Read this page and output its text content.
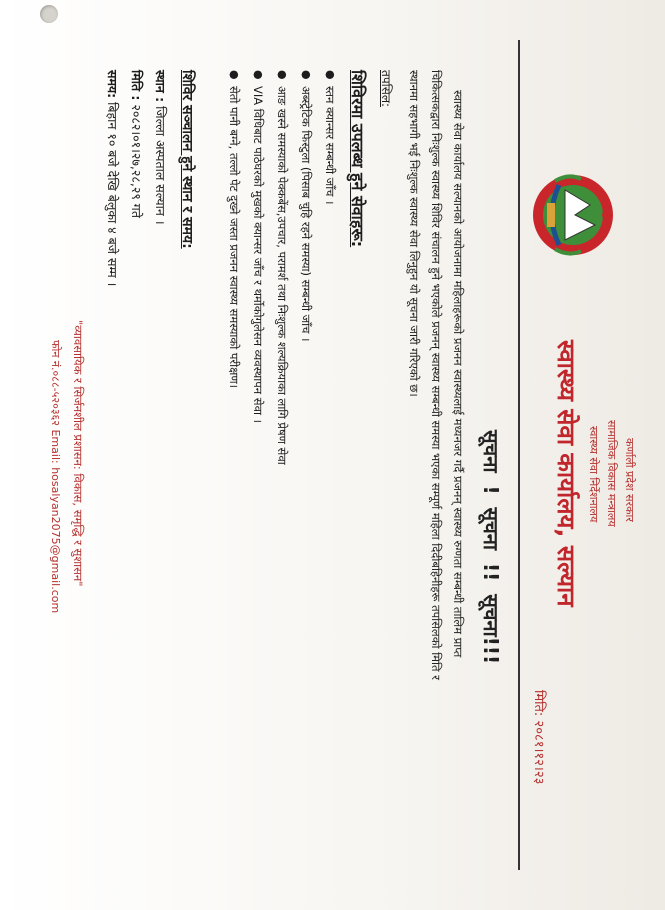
कर्णाली प्रदेश सरकार
सामाजिक विकास मन्त्रालय
स्वास्थ्य सेवा निर्देशनालय
स्वास्थ्य सेवा कार्यालय, सल्यान
मिति: २०८१।१२।२३
सूचना ! सूचना !! सूचना!!!
स्वास्थ्य सेवा कार्यालय सल्यानको आयोजनामा महिलाहरूको प्रजनन स्वास्थ्यलाई मध्यनजर गर्दै प्रजनन् स्वास्थ्य रुग्णता सम्बन्धी तालिम प्राप्त
चिकित्सकद्वारा निःशुल्क स्वास्थ्य शिविर संचालन हुने भएकोले प्रजनन् स्वास्थ्य सम्बन्धी समस्या भएका सम्पूर्ण महिला दिदीबहिनीहरू तपसिलको मिति र
स्थानमा सहभागी भई निःशुल्क स्वास्थ्य सेवा लिनुहुन यो सूचना जारी गरिएको छ।
तपसिल:
शिविरमा उपलब्ध हुने सेवाहरू:
● स्तन क्यान्सर सम्बन्धी जाँच ।
● अब्स्ट्रेटिक फिस्टुला (पिसाब चुहि रहने समस्या) सम्बन्धी जाँच ।
● आङ खस्ने समस्याको पेक्कबेंस,उपचार, परामर्श तथा निःशुल्क शल्यक्रियाका लागि प्रेषण सेवा
● VIA विधिबाट पाठेघरको मुखको क्यान्सर जाँच र थर्मोकोगुलेसन व्यवस्थापन सेवा ।
● सेतो पानी बग्ने, तल्लो पेट दुख्ने जस्ता प्रजनन स्वास्थ्य समस्याको परीक्षण।
शिविर सञ्चालन हुने स्थान र समय:
स्थान : जिल्ला अस्पताल सल्यान ।
मिति : २०८२।०१।२७,२८,२९ गते
समय: बिहान १० बजे देखि बेलुका ४ बजे सम्म ।
"व्यावसायिक र सिर्जनशील प्रशासन: विकास, समृद्धि र सुशासन"
फोन नं.०८८-५२०३६२ Email: hosalyan2075@gmail.com
